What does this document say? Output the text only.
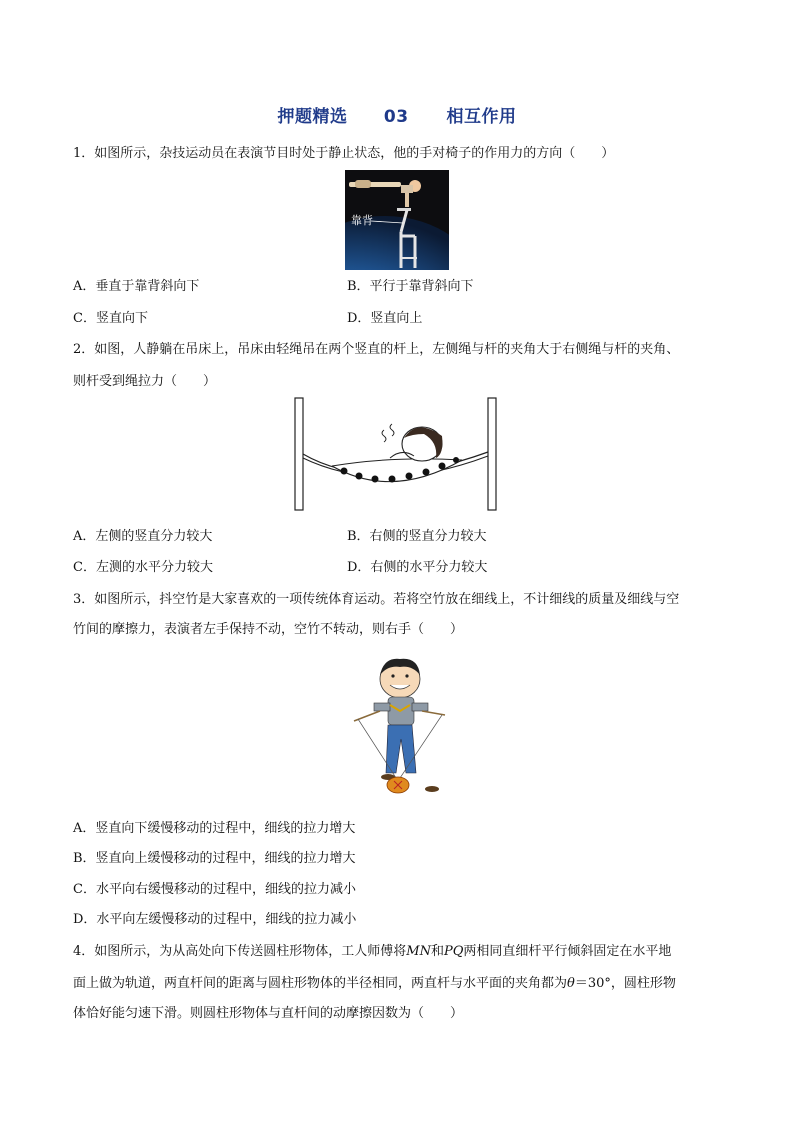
押题精选 03 相互作用
1．如图所示，杂技运动员在表演节目时处于静止状态，他的手对椅子的作用力的方向（　　）
靠背
A．垂直于靠背斜向下	B．平行于靠背斜向下
C．竖直向下	D．竖直向上
2．如图，人静躺在吊床上，吊床由轻绳吊在两个竖直的杆上，左侧绳与杆的夹角大于右侧绳与杆的夹角、
则杆受到绳拉力（　　）
A．左侧的竖直分力较大	B．右侧的竖直分力较大
C．左测的水平分力较大	D．右侧的水平分力较大
3．如图所示，抖空竹是大家喜欢的一项传统体育运动。若将空竹放在细线上，不计细线的质量及细线与空
竹间的摩擦力，表演者左手保持不动，空竹不转动，则右手（　　）
A．竖直向下缓慢移动的过程中，细线的拉力增大
B．竖直向上缓慢移动的过程中，细线的拉力增大
C．水平向右缓慢移动的过程中，细线的拉力减小
D．水平向左缓慢移动的过程中，细线的拉力减小
4．如图所示，为从高处向下传送圆柱形物体，工人师傅将MN和PQ两相同直细杆平行倾斜固定在水平地
面上做为轨道，两直杆间的距离与圆柱形物体的半径相同，两直杆与水平面的夹角都为θ＝30°，圆柱形物
体恰好能匀速下滑。则圆柱形物体与直杆间的动摩擦因数为（　　）
